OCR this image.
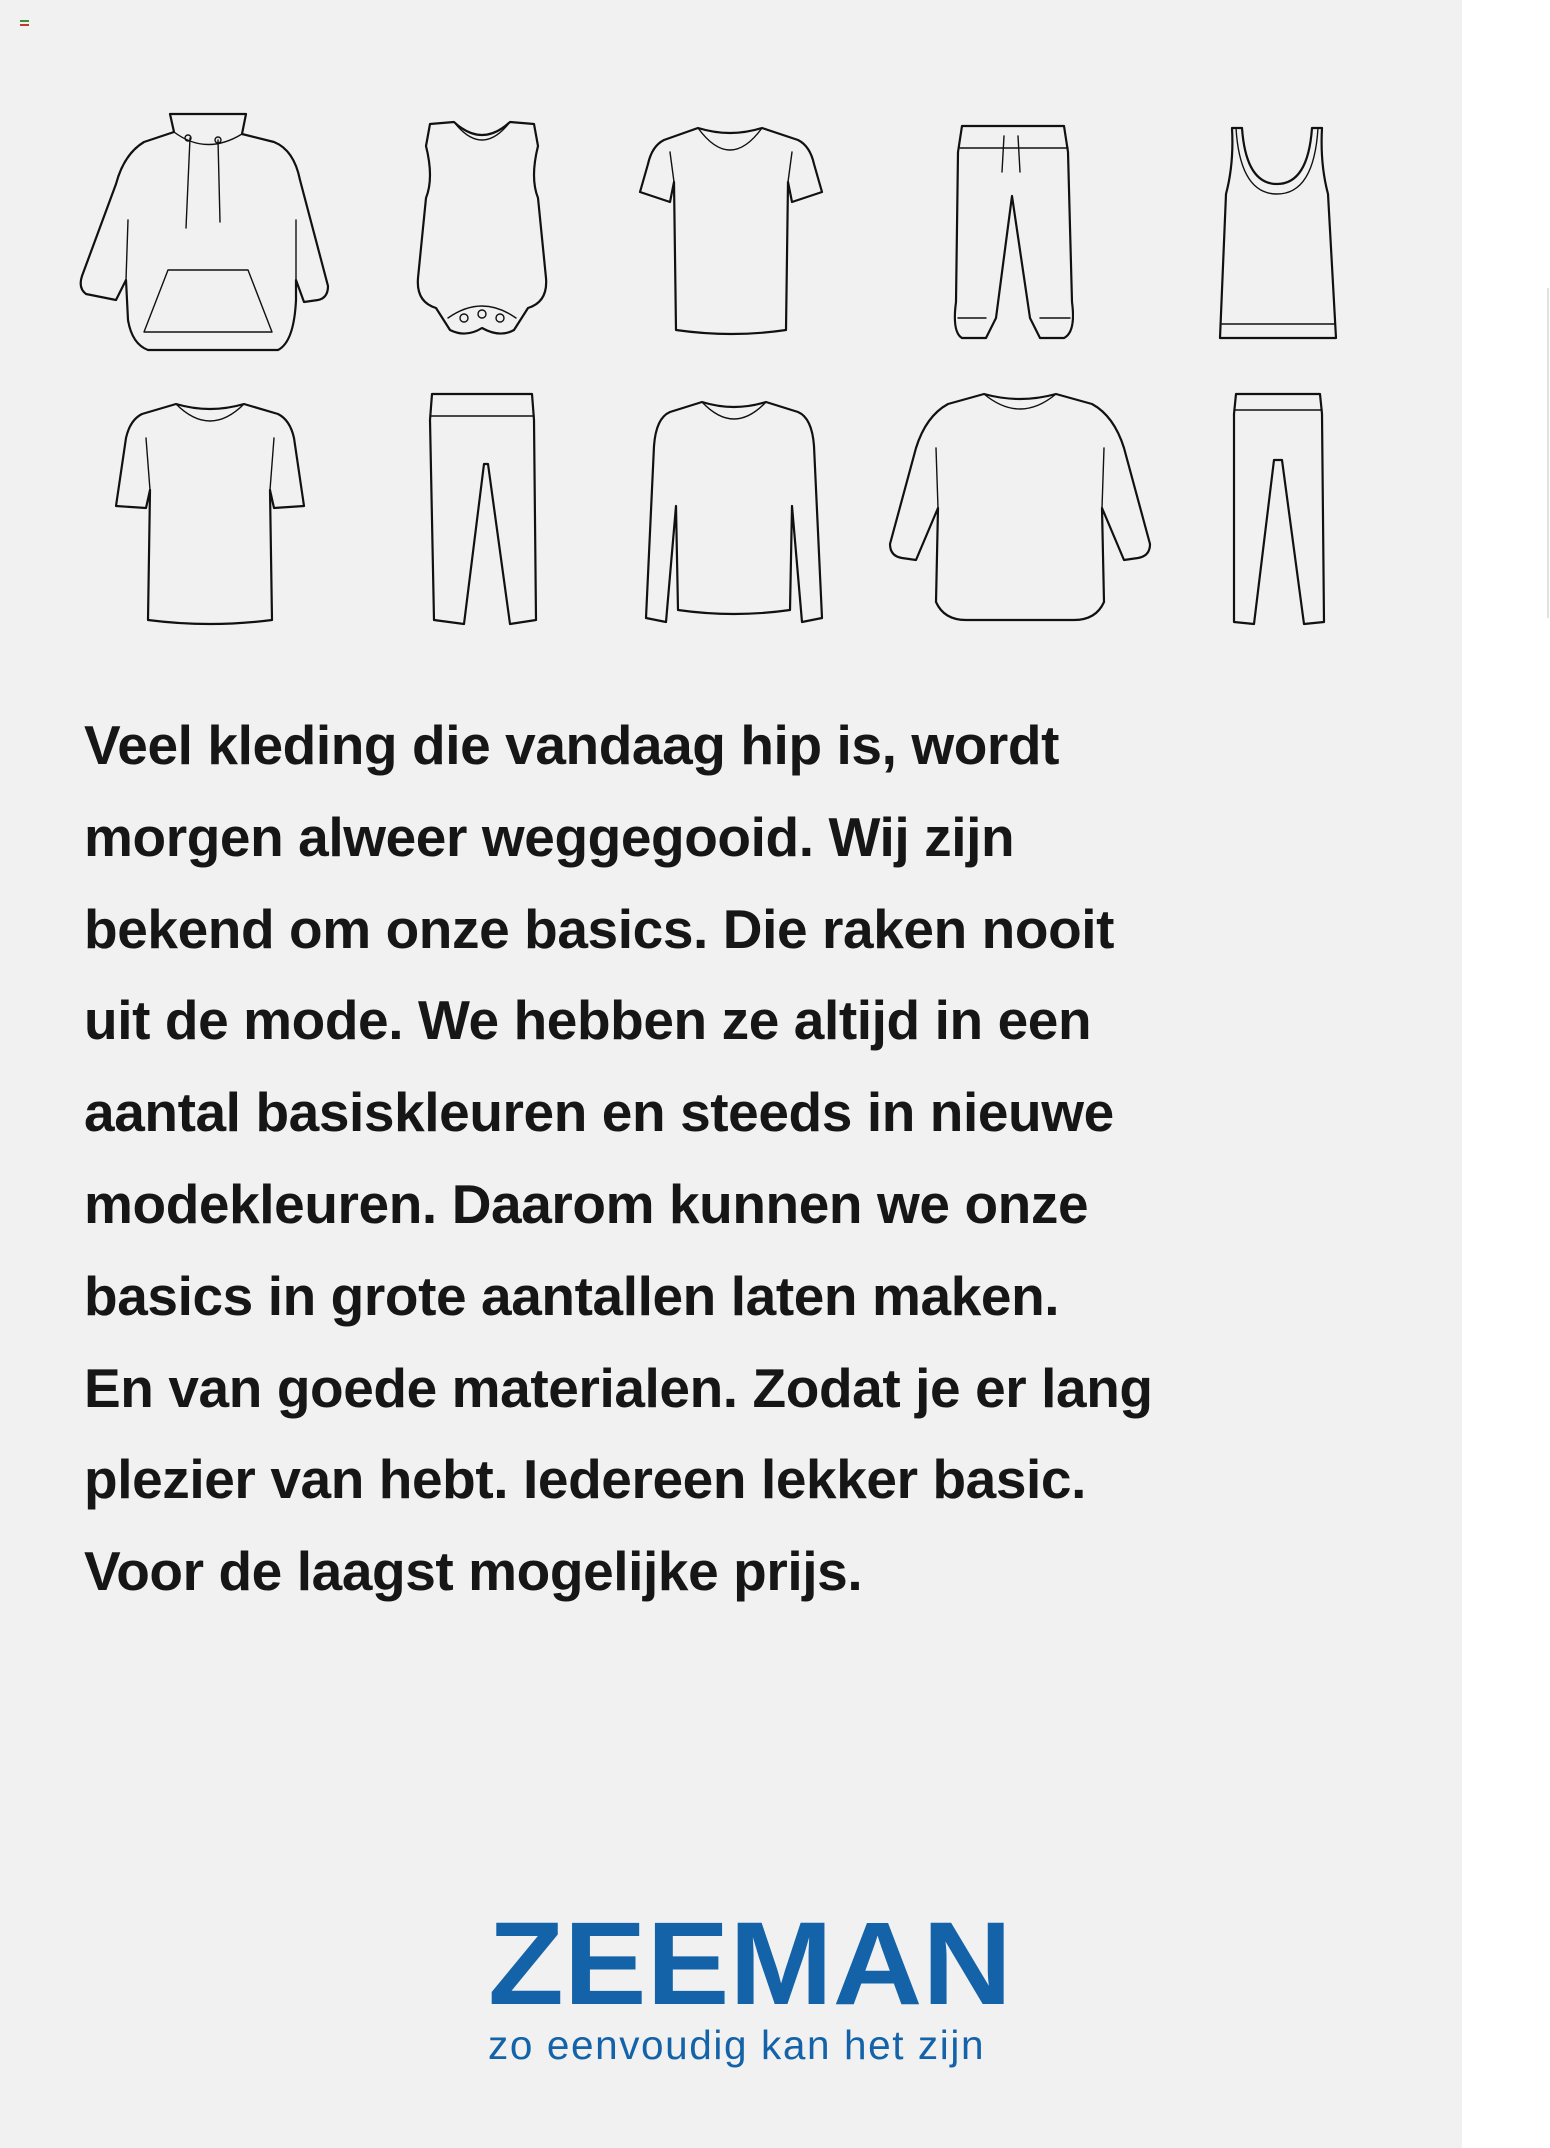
Veel kleding die vandaag hip is, wordt
morgen alweer weggegooid. Wij zijn
bekend om onze basics. Die raken nooit
uit de mode. We hebben ze altijd in een
aantal basiskleuren en steeds in nieuwe
modekleuren. Daarom kunnen we onze
basics in grote aantallen laten maken.
En van goede materialen. Zodat je er lang
plezier van hebt. Iedereen lekker basic.
Voor de laagst mogelijke prijs.
ZEEMAN
zo eenvoudig kan het zijn
